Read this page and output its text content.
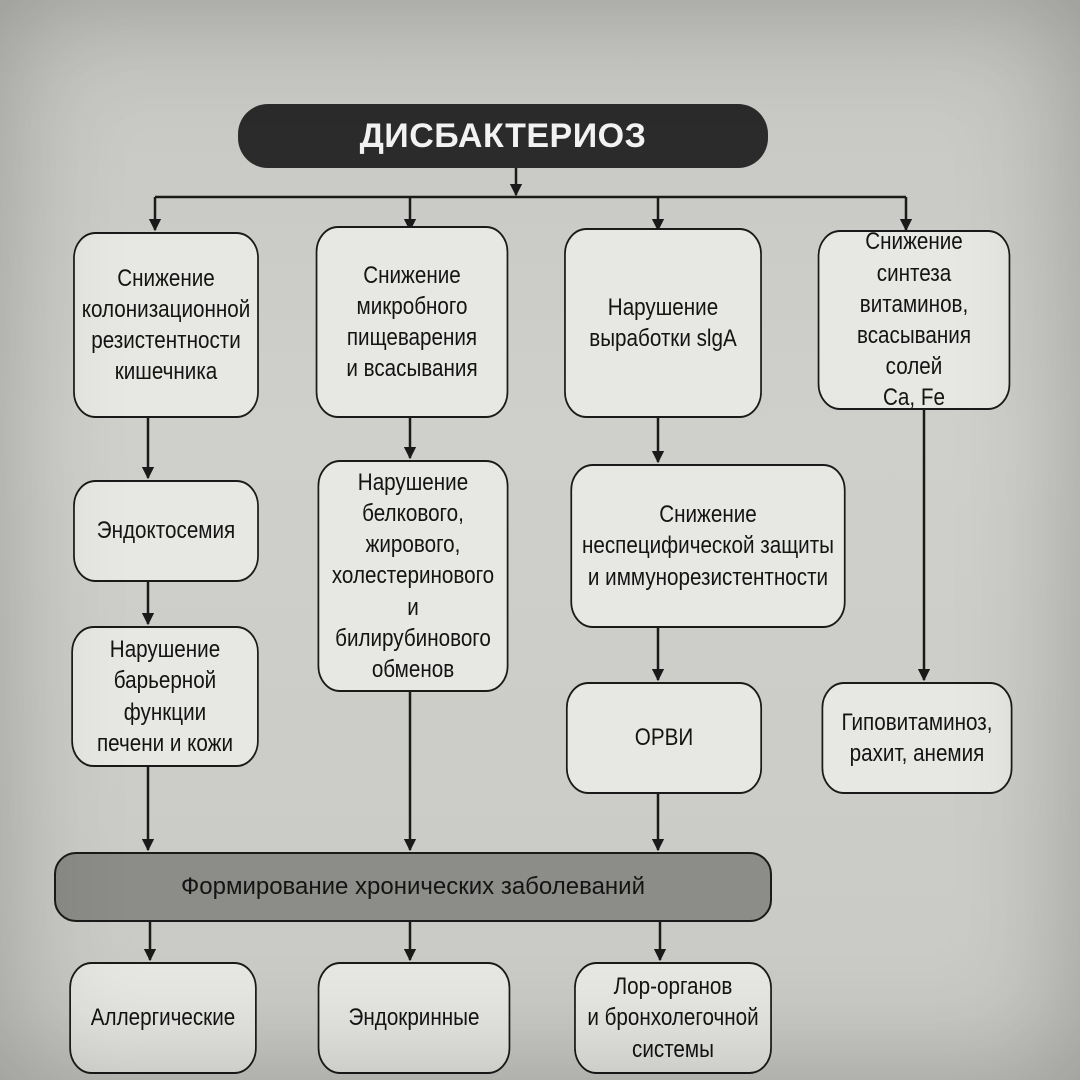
ДИСБАКТЕРИОЗ
Снижение
колонизационной
резистентности
кишечника
Снижение
микробного
пищеварения
и всасывания
Нарушение
выработки slgA
Снижение
синтеза витаминов,
всасывания солей
Ca, Fe
Эндоктосемия
Нарушение
белкового,
жирового,
холестеринового
и билирубинового
обменов
Снижение
неспецифической защиты
и иммунорезистентности
Нарушение
барьерной функции
печени и кожи	ОРВИ
Гиповитаминоз,
рахит, анемия
Формирование хронических заболеваний
Аллергические	Эндокринные
Лор-органов
и бронхолегочной
системы
